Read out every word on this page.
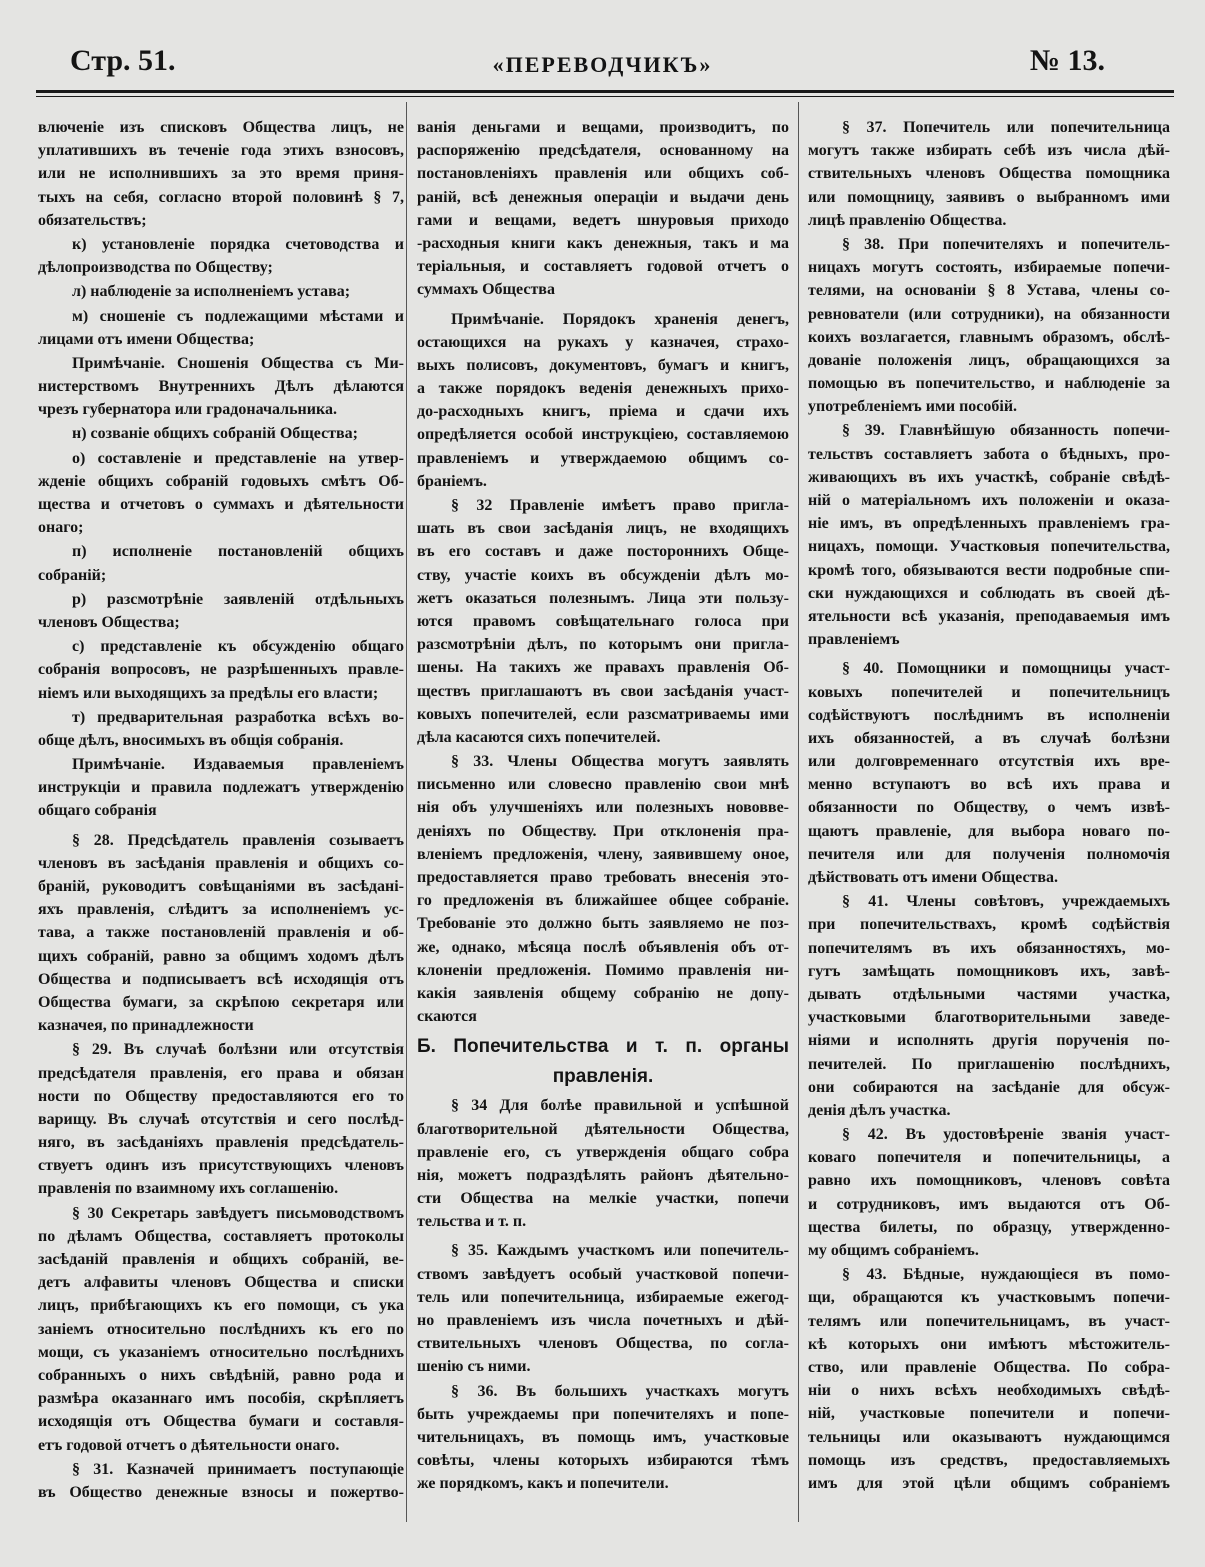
Стр. 51.	«ПЕРЕВОДЧИКЪ»	№ 13.
влюченіе изъ списковъ Общества лицъ, не
уплатившихъ въ теченіе года этихъ взносовъ,
или не исполнившихъ за это время приня-
тыхъ на себя, согласно второй половинѣ § 7,
обязательствъ;
к) установленіе порядка счетоводства и
дѣлопроизводства по Обществу;
л) наблюденіе за исполненіемъ устава;
м) сношеніе съ подлежащими мѣстами и
лицами отъ имени Общества;
Примѣчаніе. Сношенія Общества съ Ми-
нистерствомъ Внутреннихъ Дѣлъ дѣлаются
чрезъ губернатора или градоначальника.
н) созваніе общихъ собраній Общества;
о) составленіе и представленіе на утвер-
жденіе общихъ собраній годовыхъ смѣтъ Об-
щества и отчетовъ о суммахъ и дѣятельности
онаго;
п) исполненіе постановленій общихъ
собраній;
р) разсмотрѣніе заявленій отдѣльныхъ
членовъ Общества;
с) представленіе къ обсужденію общаго
собранія вопросовъ, не разрѣшенныхъ правле-
ніемъ или выходящихъ за предѣлы его власти;
т) предварительная разработка всѣхъ во-
обще дѣлъ, вносимыхъ въ общія собранія.
Примѣчаніе. Издаваемыя правленіемъ
инструкціи и правила подлежатъ утвержденію
общаго собранія
§ 28. Предсѣдатель правленія созываетъ
членовъ въ засѣданія правленія и общихъ со-
браній, руководитъ совѣщаніями въ засѣдані-
яхъ правленія, слѣдитъ за исполненіемъ ус-
тава, а также постановленій правленія и об-
щихъ собраній, равно за общимъ ходомъ дѣлъ
Общества и подписываетъ всѣ исходящія отъ
Общества бумаги, за скрѣпою секретаря или
казначея, по принадлежности
§ 29. Въ случаѣ болѣзни или отсутствія
предсѣдателя правленія, его права и обязан
ности по Обществу предоставляются его то
варищу. Въ случаѣ отсутствія и сего послѣд-
няго, въ засѣданіяхъ правленія предсѣдатель-
ствуетъ одинъ изъ присутствующихъ членовъ
правленія по взаимному ихъ соглашенію.
§ 30 Секретарь завѣдуетъ письмоводствомъ
по дѣламъ Общества, составляетъ протоколы
засѣданій правленія и общихъ собраній, ве-
детъ алфавиты членовъ Общества и списки
лицъ, прибѣгающихъ къ его помощи, съ ука
заніемъ относительно послѣднихъ къ его по
мощи, съ указаніемъ относительно послѣднихъ
собранныхъ о нихъ свѣдѣній, равно рода и
размѣра оказаннаго имъ пособія, скрѣпляетъ
исходящія отъ Общества бумаги и составля-
етъ годовой отчетъ о дѣятельности онаго.
§ 31. Казначей принимаетъ поступающіе
въ Общество денежные взносы и пожертво-
ванія деньгами и вещами, производитъ, по
распоряженію предсѣдателя, основанному на
постановленіяхъ правленія или общихъ соб-
раній, всѣ денежныя операціи и выдачи день
гами и вещами, ведетъ шнуровыя приходо
-расходныя книги какъ денежныя, такъ и ма
теріальныя, и составляетъ годовой отчетъ о
суммахъ Общества
Примѣчаніе. Порядокъ храненія денегъ,
остающихся на рукахъ у казначея, страхо-
выхъ полисовъ, документовъ, бумагъ и книгъ,
а также порядокъ веденія денежныхъ прихо-
до-расходныхъ книгъ, пріема и сдачи ихъ
опредѣляется особой инструкціею, составляемою
правленіемъ и утверждаемою общимъ со-
браніемъ.
§ 32 Правленіе имѣетъ право пригла-
шать въ свои засѣданія лицъ, не входящихъ
въ его составъ и даже постороннихъ Обще-
ству, участіе коихъ въ обсужденіи дѣлъ мо-
жетъ оказаться полезнымъ. Лица эти пользу-
ются правомъ совѣщательнаго голоса при
разсмотрѣніи дѣлъ, по которымъ они пригла-
шены. На такихъ же правахъ правленія Об-
ществъ приглашаютъ въ свои засѣданія участ-
ковыхъ попечителей, если разсматриваемы ими
дѣла касаются сихъ попечителей.
§ 33. Члены Общества могутъ заявлять
письменно или словесно правленію свои мнѣ
нія объ улучшеніяхъ или полезныхъ нововве-
деніяхъ по Обществу. При отклоненія пра-
вленіемъ предложенія, члену, заявившему оное,
предоставляется право требовать внесенія это-
го предложенія въ ближайшее общее собраніе.
Требованіе это должно быть заявляемо не поз-
же, однако, мѣсяца послѣ объявленія объ от-
клоненіи предложенія. Помимо правленія ни-
какія заявленія общему собранію не допу-
скаются
Б. Попечительства и т. п. органы
правленія.
§ 34 Для болѣе правильной и успѣшной
благотворительной дѣятельности Общества,
правленіе его, съ утвержденія общаго собра
нія, можетъ подраздѣлять районъ дѣятельно-
сти Общества на мелкіе участки, попечи
тельства и т. п.
§ 35. Каждымъ участкомъ или попечитель-
ствомъ завѣдуетъ особый участковой попечи-
тель или попечительница, избираемые ежегод-
но правленіемъ изъ числа почетныхъ и дѣй-
ствительныхъ членовъ Общества, по согла-
шенію съ ними.
§ 36. Въ большихъ участкахъ могутъ
быть учреждаемы при попечителяхъ и попе-
чительницахъ, въ помощь имъ, участковые
совѣты, члены которыхъ избираются тѣмъ
же порядкомъ, какъ и попечители.
§ 37. Попечитель или попечительница
могутъ также избирать себѣ изъ числа дѣй-
ствительныхъ членовъ Общества помощника
или помощницу, заявивъ о выбранномъ ими
лицѣ правленію Общества.
§ 38. При попечителяхъ и попечитель-
ницахъ могутъ состоять, избираемые попечи-
телями, на основаніи § 8 Устава, члены со-
ревнователи (или сотрудники), на обязанности
коихъ возлагается, главнымъ образомъ, обслѣ-
дованіе положенія лицъ, обращающихся за
помощью въ попечительство, и наблюденіе за
употребленіемъ ими пособій.
§ 39. Главнѣйшую обязанность попечи-
тельствъ составляетъ забота о бѣдныхъ, про-
живающихъ въ ихъ участкѣ, собраніе свѣдѣ-
ній о матеріальномъ ихъ положеніи и оказа-
ніе имъ, въ опредѣленныхъ правленіемъ гра-
ницахъ, помощи. Участковыя попечительства,
кромѣ того, обязываются вести подробные спи-
ски нуждающихся и соблюдать въ своей дѣ-
ятельности всѣ указанія, преподаваемыя имъ
правленіемъ
§ 40. Помощники и помощницы участ-
ковыхъ попечителей и попечительницъ
содѣйствуютъ послѣднимъ въ исполненіи
ихъ обязанностей, а въ случаѣ болѣзни
или долговременнаго отсутствія ихъ вре-
менно вступаютъ во всѣ ихъ права и
обязанности по Обществу, о чемъ извѣ-
щаютъ правленіе, для выбора новаго по-
печителя или для полученія полномочія
дѣйствовать отъ имени Общества.
§ 41. Члены совѣтовъ, учреждаемыхъ
при попечительствахъ, кромѣ содѣйствія
попечителямъ въ ихъ обязанностяхъ, мо-
гутъ замѣщать помощниковъ ихъ, завѣ-
дывать отдѣльными частями участка,
участковыми благотворительными заведе-
ніями и исполнять другія порученія по-
печителей. По приглашенію послѣднихъ,
они собираются на засѣданіе для обсуж-
денія дѣлъ участка.
§ 42. Въ удостовѣреніе званія участ-
коваго попечителя и попечительницы, а
равно ихъ помощниковъ, членовъ совѣта
и сотрудниковъ, имъ выдаются отъ Об-
щества билеты, по образцу, утвержденно-
му общимъ собраніемъ.
§ 43. Бѣдные, нуждающіеся въ помо-
щи, обращаются къ участковымъ попечи-
телямъ или попечительницамъ, въ участ-
кѣ которыхъ они имѣютъ мѣстожитель-
ство, или правленіе Общества. По собра-
ніи о нихъ всѣхъ необходимыхъ свѣдѣ-
ній, участковые попечители и попечи-
тельницы или оказываютъ нуждающимся
помощь изъ средствъ, предоставляемыхъ
имъ для этой цѣли общимъ собраніемъ
